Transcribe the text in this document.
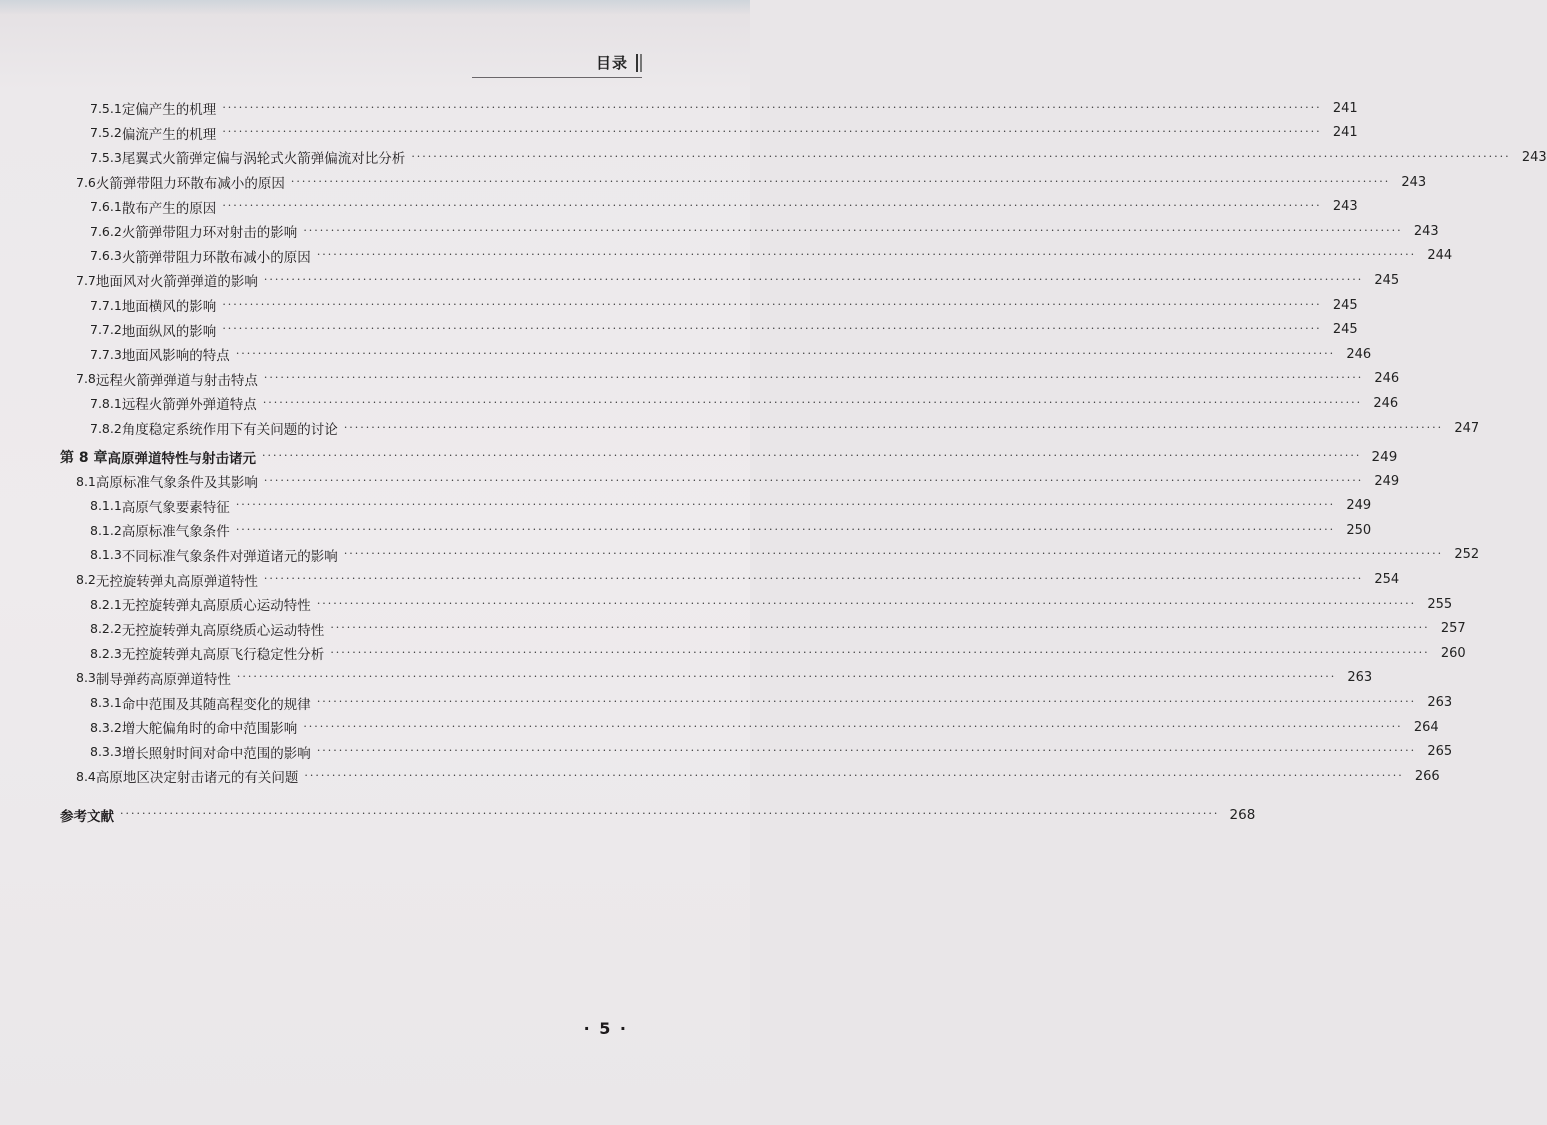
目录
7.5.1 定偏产生的机理 ········································································································································································································ 241
7.5.2 偏流产生的机理 ········································································································································································································ 241
7.5.3 尾翼式火箭弹定偏与涡轮式火箭弹偏流对比分析 ········································································································································································································ 243
7.6 火箭弹带阻力环散布减小的原因 ········································································································································································································ 243
7.6.1 散布产生的原因 ········································································································································································································ 243
7.6.2 火箭弹带阻力环对射击的影响 ········································································································································································································ 243
7.6.3 火箭弹带阻力环散布减小的原因 ········································································································································································································ 244
7.7 地面风对火箭弹弹道的影响 ········································································································································································································ 245
7.7.1 地面横风的影响 ········································································································································································································ 245
7.7.2 地面纵风的影响 ········································································································································································································ 245
7.7.3 地面风影响的特点 ········································································································································································································ 246
7.8 远程火箭弹弹道与射击特点 ········································································································································································································ 246
7.8.1 远程火箭弹外弹道特点 ········································································································································································································ 246
7.8.2 角度稳定系统作用下有关问题的讨论 ········································································································································································································ 247
第 8 章 高原弹道特性与射击诸元 ········································································································································································································ 249
8.1 高原标准气象条件及其影响 ········································································································································································································ 249
8.1.1 高原气象要素特征 ········································································································································································································ 249
8.1.2 高原标准气象条件 ········································································································································································································ 250
8.1.3 不同标准气象条件对弹道诸元的影响 ········································································································································································································ 252
8.2 无控旋转弹丸高原弹道特性 ········································································································································································································ 254
8.2.1 无控旋转弹丸高原质心运动特性 ········································································································································································································ 255
8.2.2 无控旋转弹丸高原绕质心运动特性 ········································································································································································································ 257
8.2.3 无控旋转弹丸高原飞行稳定性分析 ········································································································································································································ 260
8.3 制导弹药高原弹道特性 ········································································································································································································ 263
8.3.1 命中范围及其随高程变化的规律 ········································································································································································································ 263
8.3.2 增大舵偏角时的命中范围影响 ········································································································································································································ 264
8.3.3 增长照射时间对命中范围的影响 ········································································································································································································ 265
8.4 高原地区决定射击诸元的有关问题 ········································································································································································································ 266
参考文献 ········································································································································································································ 268
· 5 ·
